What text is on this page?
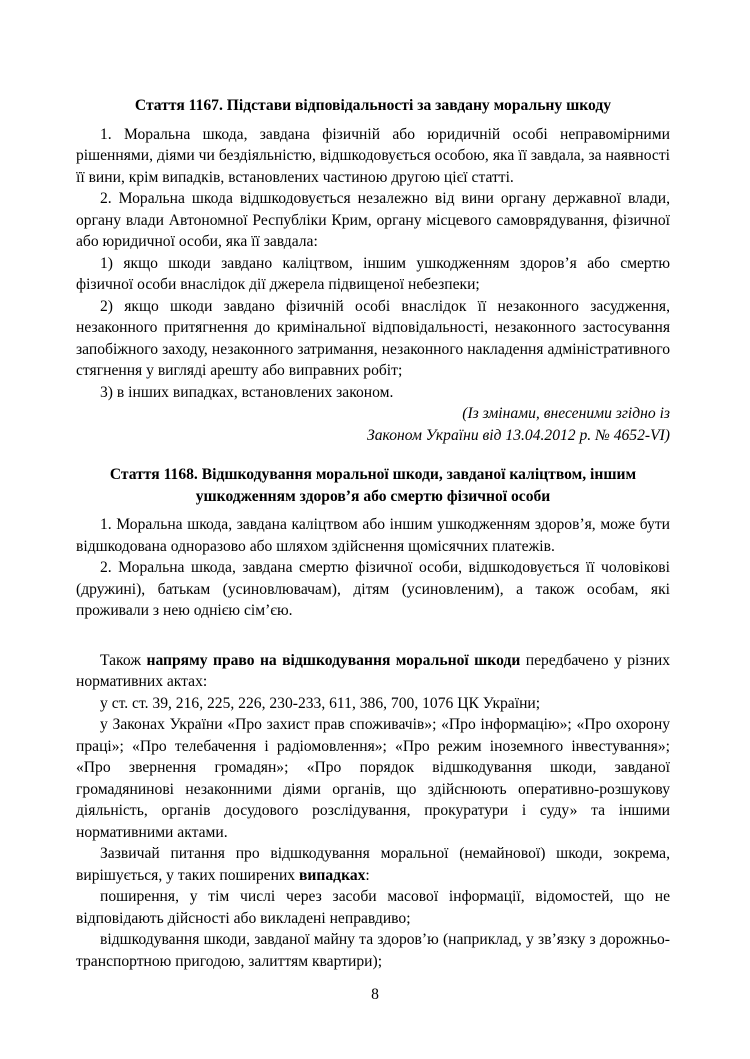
Стаття 1167. Підстави відповідальності за завдану моральну шкоду

1. Моральна шкода, завдана фізичній або юридичній особі неправомірними рішеннями, діями чи бездіяльністю, відшкодовується особою, яка її завдала, за наявності її вини, крім випадків, встановлених частиною другою цієї статті.

2. Моральна шкода відшкодовується незалежно від вини органу державної влади, органу влади Автономної Республіки Крим, органу місцевого самоврядування, фізичної або юридичної особи, яка її завдала:

1) якщо шкоди завдано каліцтвом, іншим ушкодженням здоров’я або смертю фізичної особи внаслідок дії джерела підвищеної небезпеки;

2) якщо шкоди завдано фізичній особі внаслідок її незаконного засудження, незаконного притягнення до кримінальної відповідальності, незаконного застосування запобіжного заходу, незаконного затримання, незаконного накладення адміністративного стягнення у вигляді арешту або виправних робіт;

3) в інших випадках, встановлених законом.

(Із змінами, внесеними згідно із

Законом України від 13.04.2012 р. № 4652-VI)

Стаття 1168. Відшкодування моральної шкоди, завданої каліцтвом, іншим
ушкодженням здоров’я або смертю фізичної особи

1. Моральна шкода, завдана каліцтвом або іншим ушкодженням здоров’я, може бути відшкодована одноразово або шляхом здійснення щомісячних платежів.

2. Моральна шкода, завдана смертю фізичної особи, відшкодовується її чоловікові (дружині), батькам (усиновлювачам), дітям (усиновленим), а також особам, які проживали з нею однією сім’єю.

Також напряму право на відшкодування моральної шкоди передбачено у різних нормативних актах:

у ст. ст. 39, 216, 225, 226, 230-233, 611, 386, 700, 1076 ЦК України;

у Законах України «Про захист прав споживачів»; «Про інформацію»; «Про охорону праці»; «Про телебачення і радіомовлення»; «Про режим іноземного інвестування»; «Про звернення громадян»; «Про порядок відшкодування шкоди, завданої громадянинові незаконними діями органів, що здійснюють оперативно-розшукову діяльність, органів досудового розслідування, прокуратури і суду» та іншими нормативними актами.

Зазвичай питання про відшкодування моральної (немайнової) шкоди, зокрема, вирішується, у таких поширених випадках:

поширення, у тім числі через засоби масової інформації, відомостей, що не відповідають дійсності або викладені неправдиво;

відшкодування шкоди, завданої майну та здоров’ю (наприклад, у зв’язку з дорожньо-транспортною пригодою, залиттям квартири);

8
